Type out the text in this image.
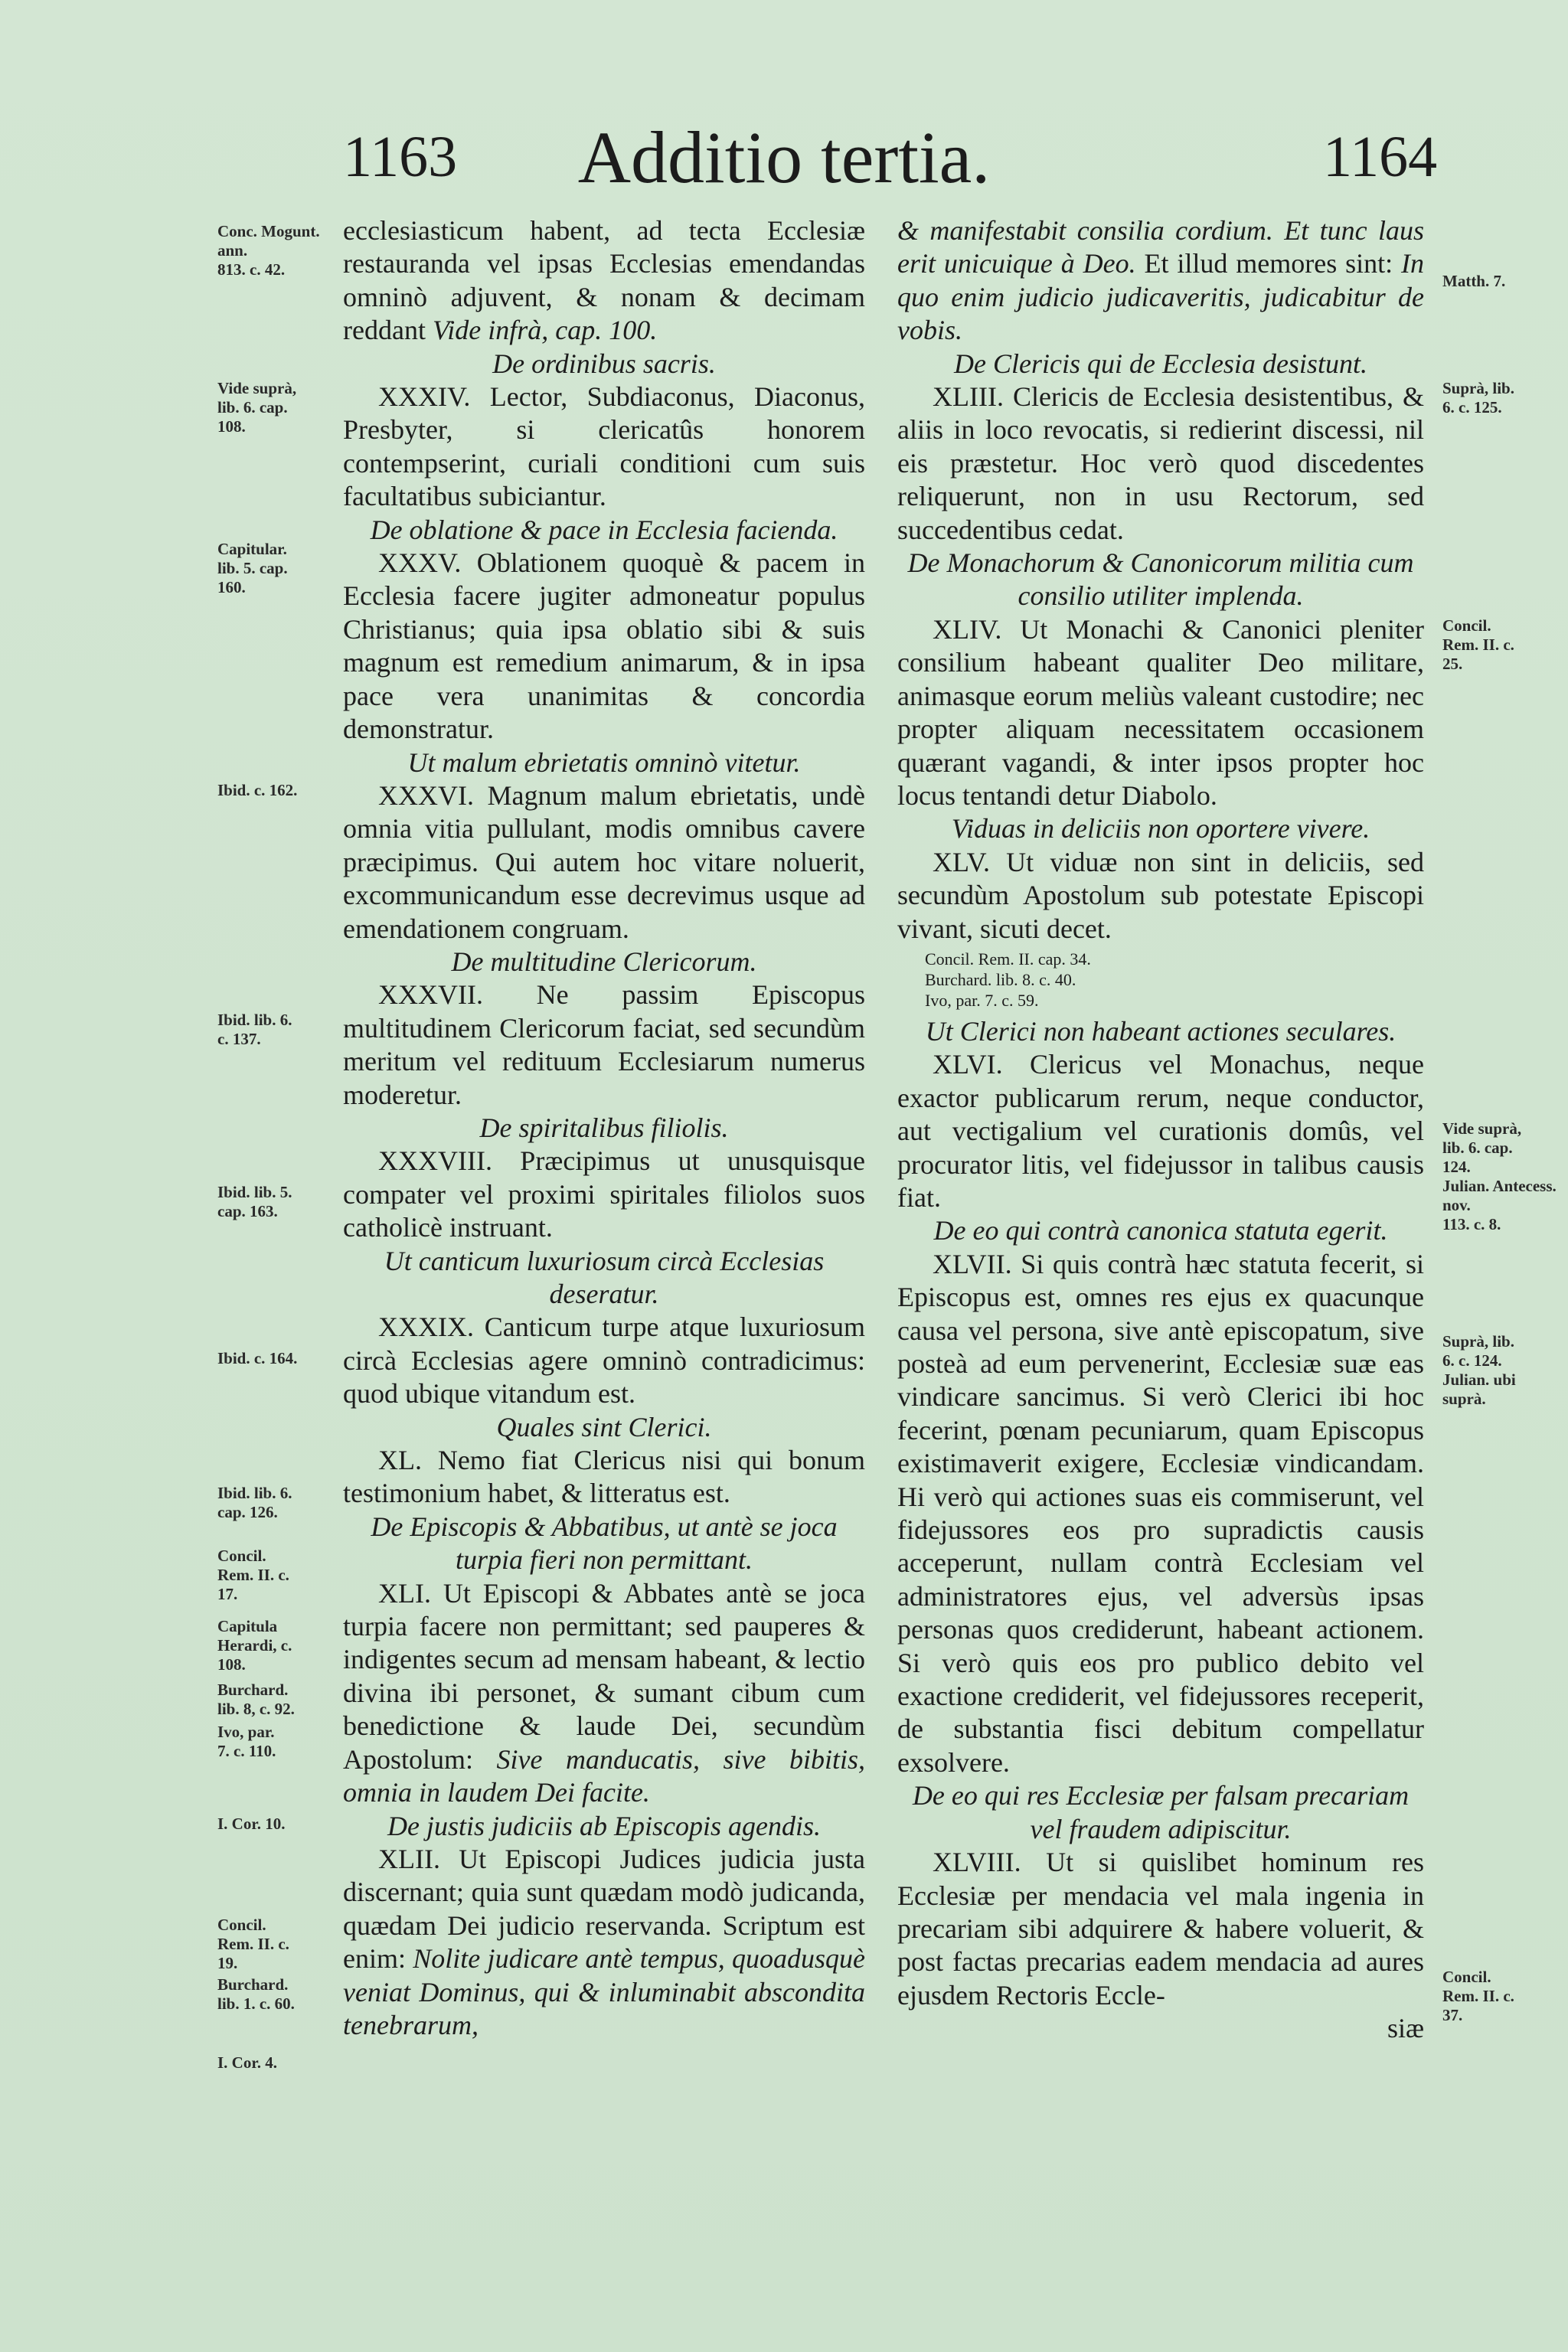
1163	Additio tertia.	1164
Conc. Mogunt. ann.
813. c. 42.
Vide suprà,
lib. 6. cap.
108.
Capitular.
lib. 5. cap.
160.
Ibid. c. 162.
Ibid. lib. 6.
c. 137.
Ibid. lib. 5.
cap. 163.
Ibid. c. 164.
Ibid. lib. 6.
cap. 126.
Concil.
Rem. II. c.
17.
Capitula
Herardi, c.
108.
Burchard.
lib. 8, c. 92.
Ivo, par.
7. c. 110.
I. Cor. 10.
Concil.
Rem. II. c.
19.
Burchard.
lib. 1. c. 60.
I. Cor. 4.

ecclesiasticum habent, ad tecta Ecclesiæ restauranda vel ipsas Ecclesias emendandas omninò adjuvent, & nonam & decimam reddant Vide infrà, cap. 100.

De ordinibus sacris.

XXXIV. Lector, Subdiaconus, Diaconus, Presbyter, si clericatûs honorem contempserint, curiali conditioni cum suis facultatibus subiciantur.

De oblatione & pace in Ecclesia facienda.

XXXV. Oblationem quoquè & pacem in Ecclesia facere jugiter admoneatur populus Christianus; quia ipsa oblatio sibi & suis magnum est remedium animarum, & in ipsa pace vera unanimitas & concordia demonstratur.

Ut malum ebrietatis omninò vitetur.

XXXVI. Magnum malum ebrietatis, undè omnia vitia pullulant, modis omnibus cavere præcipimus. Qui autem hoc vitare noluerit, excommunicandum esse decrevimus usque ad emendationem congruam.

De multitudine Clericorum.

XXXVII. Ne passim Episcopus multitudinem Clericorum faciat, sed secundùm meritum vel redituum Ecclesiarum numerus moderetur.

De spiritalibus filiolis.

XXXVIII. Præcipimus ut unusquisque compater vel proximi spiritales filiolos suos catholicè instruant.

Ut canticum luxuriosum circà Ecclesias deseratur.

XXXIX. Canticum turpe atque luxuriosum circà Ecclesias agere omninò contradicimus: quod ubique vitandum est.

Quales sint Clerici.

XL. Nemo fiat Clericus nisi qui bonum testimonium habet, & litteratus est.

De Episcopis & Abbatibus, ut antè se joca turpia fieri non permittant.

XLI. Ut Episcopi & Abbates antè se joca turpia facere non permittant; sed pauperes & indigentes secum ad mensam habeant, & lectio divina ibi personet, & sumant cibum cum benedictione & laude Dei, secundùm Apostolum: Sive manducatis, sive bibitis, omnia in laudem Dei facite.

De justis judiciis ab Episcopis agendis.

XLII. Ut Episcopi Judices judicia justa discernant; quia sunt quædam modò judicanda, quædam Dei judicio reservanda. Scriptum est enim: Nolite judicare antè tempus, quoadusquè veniat Dominus, qui & inluminabit abscondita tenebrarum,

Matth. 7.
Suprà, lib.
6. c. 125.
Concil.
Rem. II. c.
25.
Vide suprà,
lib. 6. cap.
124.
Julian. Antecess. nov.
113. c. 8.
Suprà, lib.
6. c. 124.
Julian. ubi
suprà.
Concil.
Rem. II. c.
37.

& manifestabit consilia cordium. Et tunc laus erit unicuique à Deo. Et illud memores sint: In quo enim judicio judicaveritis, judicabitur de vobis.

De Clericis qui de Ecclesia desistunt.

XLIII. Clericis de Ecclesia desistentibus, & aliis in loco revocatis, si redierint discessi, nil eis præstetur. Hoc verò quod discedentes reliquerunt, non in usu Rectorum, sed succedentibus cedat.

De Monachorum & Canonicorum militia cum consilio utiliter implenda.

XLIV. Ut Monachi & Canonici pleniter consilium habeant qualiter Deo militare, animasque eorum meliùs valeant custodire; nec propter aliquam necessitatem occasionem quærant vagandi, & inter ipsos propter hoc locus tentandi detur Diabolo.

Viduas in deliciis non oportere vivere.

XLV. Ut viduæ non sint in deliciis, sed secundùm Apostolum sub potestate Episcopi vivant, sicuti decet.

Concil. Rem. II. cap. 34.
Burchard. lib. 8. c. 40.
Ivo, par. 7. c. 59.

Ut Clerici non habeant actiones seculares.

XLVI. Clericus vel Monachus, neque exactor publicarum rerum, neque conductor, aut vectigalium vel curationis domûs, vel procurator litis, vel fidejussor in talibus causis fiat.

De eo qui contrà canonica statuta egerit.

XLVII. Si quis contrà hæc statuta fecerit, si Episcopus est, omnes res ejus ex quacunque causa vel persona, sive antè episcopatum, sive posteà ad eum pervenerint, Ecclesiæ suæ eas vindicare sancimus. Si verò Clerici ibi hoc fecerint, pœnam pecuniarum, quam Episcopus existimaverit exigere, Ecclesiæ vindicandam. Hi verò qui actiones suas eis commiserunt, vel fidejussores eos pro supradictis causis acceperunt, nullam contrà Ecclesiam vel administratores ejus, vel adversùs ipsas personas quos crediderunt, habeant actionem. Si verò quis eos pro publico debito vel exactione crediderit, vel fidejussores receperit, de substantia fisci debitum compellatur exsolvere.

De eo qui res Ecclesiæ per falsam precariam vel fraudem adipiscitur.

XLVIII. Ut si quislibet hominum res Ecclesiæ per mendacia vel mala ingenia in precariam sibi adquirere & habere voluerit, & post factas precarias eadem mendacia ad aures ejusdem Rectoris Eccle-

siæ
